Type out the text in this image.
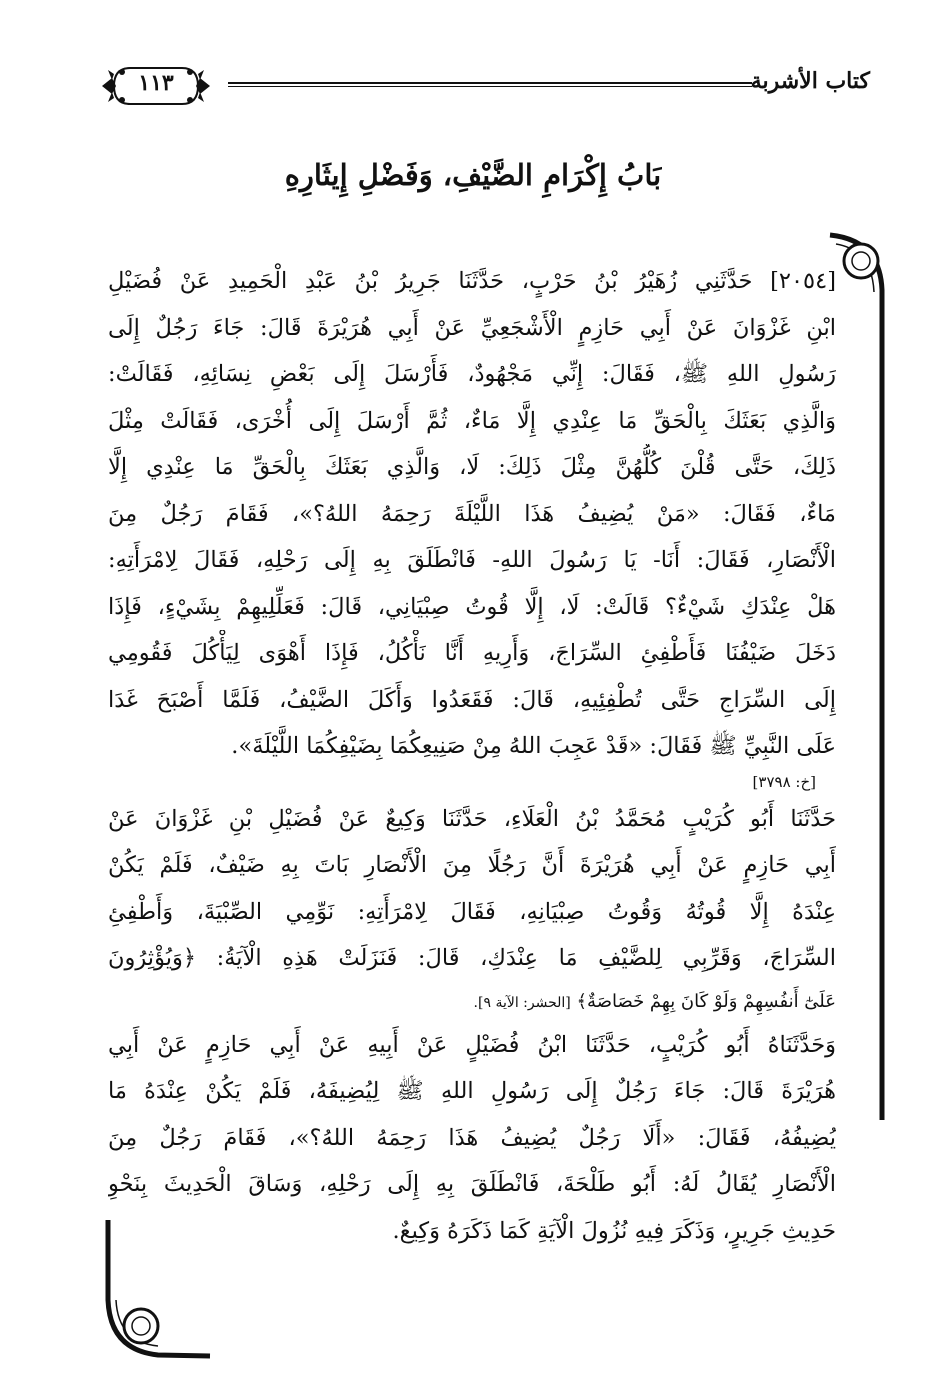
كتاب الأشربة
١١٣
بَابُ إِكْرَامِ الضَّيْفِ، وَفَضْلِ إِيثَارِهِ
[٢٠٥٤] حَدَّثَنِي زُهَيْرُ بْنُ حَرْبٍ، حَدَّثَنَا جَرِيرُ بْنُ عَبْدِ الْحَمِيدِ عَنْ فُضَيْلِ
ابْنِ غَزْوَانَ عَنْ أَبِي حَازِمٍ الْأَشْجَعِيِّ عَنْ أَبِي هُرَيْرَةَ قَالَ: جَاءَ رَجُلٌ إِلَى
رَسُولِ اللهِ ﷺ، فَقَالَ: إِنِّي مَجْهُودٌ، فَأَرْسَلَ إِلَى بَعْضِ نِسَائِهِ، فَقَالَتْ:
وَالَّذِي بَعَثَكَ بِالْحَقِّ مَا عِنْدِي إِلَّا مَاءٌ، ثُمَّ أَرْسَلَ إِلَى أُخْرَى، فَقَالَتْ مِثْلَ
ذَلِكَ، حَتَّى قُلْنَ كُلُّهُنَّ مِثْلَ ذَلِكَ: لَا، وَالَّذِي بَعَثَكَ بِالْحَقِّ مَا عِنْدِي إِلَّا
مَاءٌ، فَقَالَ: «مَنْ يُضِيفُ هَذَا اللَّيْلَةَ رَحِمَهُ اللهُ؟»، فَقَامَ رَجُلٌ مِنَ
الْأَنْصَارِ، فَقَالَ: أَنَا- يَا رَسُولَ اللهِ- فَانْطَلَقَ بِهِ إِلَى رَحْلِهِ، فَقَالَ لِامْرَأَتِهِ:
هَلْ عِنْدَكِ شَيْءٌ؟ قَالَتْ: لَا، إِلَّا قُوتُ صِبْيَانِي، قَالَ: فَعَلِّلِيهِمْ بِشَيْءٍ، فَإِذَا
دَخَلَ ضَيْفُنَا فَأَطْفِئِ السِّرَاجَ، وَأَرِيهِ أَنَّا نَأْكُلُ، فَإِذَا أَهْوَى لِيَأْكُلَ فَقُومِي
إِلَى السِّرَاجِ حَتَّى تُطْفِئِيهِ، قَالَ: فَقَعَدُوا وَأَكَلَ الضَّيْفُ، فَلَمَّا أَصْبَحَ غَدَا
عَلَى النَّبِيِّ ﷺ فَقَالَ: «قَدْ عَجِبَ اللهُ مِنْ صَنِيعِكُمَا بِضَيْفِكُمَا اللَّيْلَةَ».
[خ: ٣٧٩٨]
حَدَّثَنَا أَبُو كُرَيْبٍ مُحَمَّدُ بْنُ الْعَلَاءِ، حَدَّثَنَا وَكِيعٌ عَنْ فُضَيْلِ بْنِ غَزْوَانَ عَنْ
أَبِي حَازِمٍ عَنْ أَبِي هُرَيْرَةَ أَنَّ رَجُلًا مِنَ الْأَنْصَارِ بَاتَ بِهِ ضَيْفٌ، فَلَمْ يَكُنْ
عِنْدَهُ إِلَّا قُوتُهُ وَقُوتُ صِبْيَانِهِ، فَقَالَ لِامْرَأَتِهِ: نَوِّمِي الصِّبْيَةَ، وَأَطْفِئِ
السِّرَاجَ، وَقَرِّبِي لِلضَّيْفِ مَا عِنْدَكِ، قَالَ: فَنَزَلَتْ هَذِهِ الْآيَةُ: ﴿وَيُؤْثِرُونَ
عَلَىٰٓ أَنفُسِهِمْ وَلَوْ كَانَ بِهِمْ خَصَاصَةٌ﴾ [الحشر: الآية ٩].
وَحَدَّثَنَاهُ أَبُو كُرَيْبٍ، حَدَّثَنَا ابْنُ فُضَيْلٍ عَنْ أَبِيهِ عَنْ أَبِي حَازِمٍ عَنْ أَبِي
هُرَيْرَةَ قَالَ: جَاءَ رَجُلٌ إِلَى رَسُولِ اللهِ ﷺ لِيُضِيفَهُ، فَلَمْ يَكُنْ عِنْدَهُ مَا
يُضِيفُهُ، فَقَالَ: «أَلَا رَجُلٌ يُضِيفُ هَذَا رَحِمَهُ اللهُ؟»، فَقَامَ رَجُلٌ مِنَ
الْأَنْصَارِ يُقَالُ لَهُ: أَبُو طَلْحَةَ، فَانْطَلَقَ بِهِ إِلَى رَحْلِهِ، وَسَاقَ الْحَدِيثَ بِنَحْوِ
حَدِيثِ جَرِيرٍ، وَذَكَرَ فِيهِ نُزُولَ الْآيَةِ كَمَا ذَكَرَهُ وَكِيعٌ.
